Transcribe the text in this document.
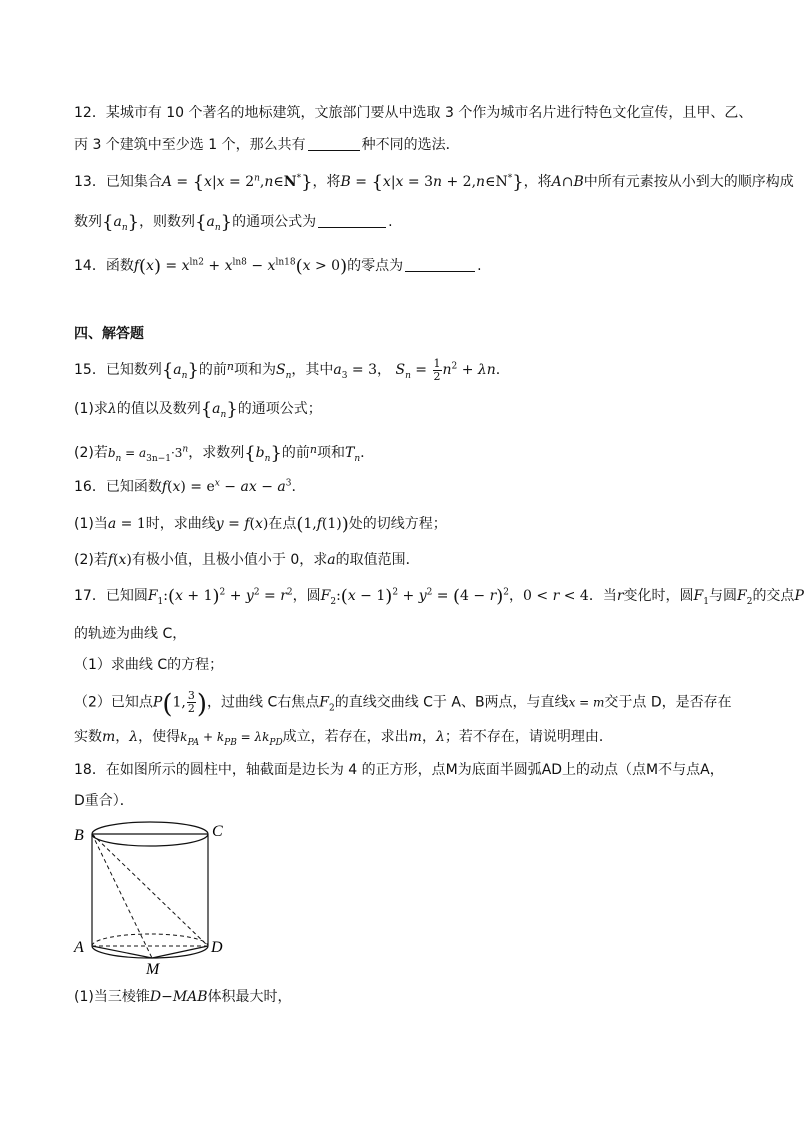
12．某城市有 10 个著名的地标建筑，文旅部门要从中选取 3 个作为城市名片进行特色文化宣传，且甲、乙、
丙 3 个建筑中至少选 1 个，那么共有	种不同的选法．
13．已知集合$A = \{x|x = 2^n,n\in N^*\}$，将B = {x|x = 3n + 2,n∈N*}，将A∩B中所有元素按从小到大的顺序构成
数列$\{a_n\}$，则数列$\{a_n\}$的通项公式为	.
14．函数$f(x) = x^{ln2} + x^{ln8} - x^{ln18}(x > 0)$的零点为	.
四、解答题
15．已知数列$\{a_n\}$的前$^n$项和为$S_n$，其中$a_3 = 3$， $S_n = \frac{1}{2} n^2 + \lambda n$.
(1)求λ的值以及数列$\{a_n\}$的通项公式；
(2)若$b_n = a_{3n-1}\cdot 3^n$，求数列$\{b_n\}$的前$^n$项和$T_n$.
16．已知函数$f(x) = e^x$ − ax − $a^3$.
(1)当a = 1时，求曲线y = f(x)在点(1,f(1))处的切线方程；
(2)若f(x)有极小值，且极小值小于 0，求a的取值范围．
17．已知圆$F_1:(x + 1)^2 + y^2 = r^2$，圆$F_2:(x - 1)^2 + y^2 = (4 - r)^2$，0 < r < 4．当r变化时，圆$F_1$与圆$F_2$的交点P
的轨迹为曲线 C，
（1）求曲线 C的方程；
（2）已知点P(1, $\frac{3}{2}$ )，过曲线 C右焦点$F_2$的直线交曲线 C于 A、B两点，与直线x = m交于点 D，是否存在
实数m，λ，使得$k_{PA} + k_{PB} = \lambda k_{PD}$成立，若存在，求出m，λ；若不存在，请说明理由．
18．在如图所示的圆柱中，轴截面是边长为 4 的正方形，点M为底面半圆弧AD上的动点（点M不与点A，
D重合）．
B	C
A	D
M
(1)当三棱锥D−MAB体积最大时，
